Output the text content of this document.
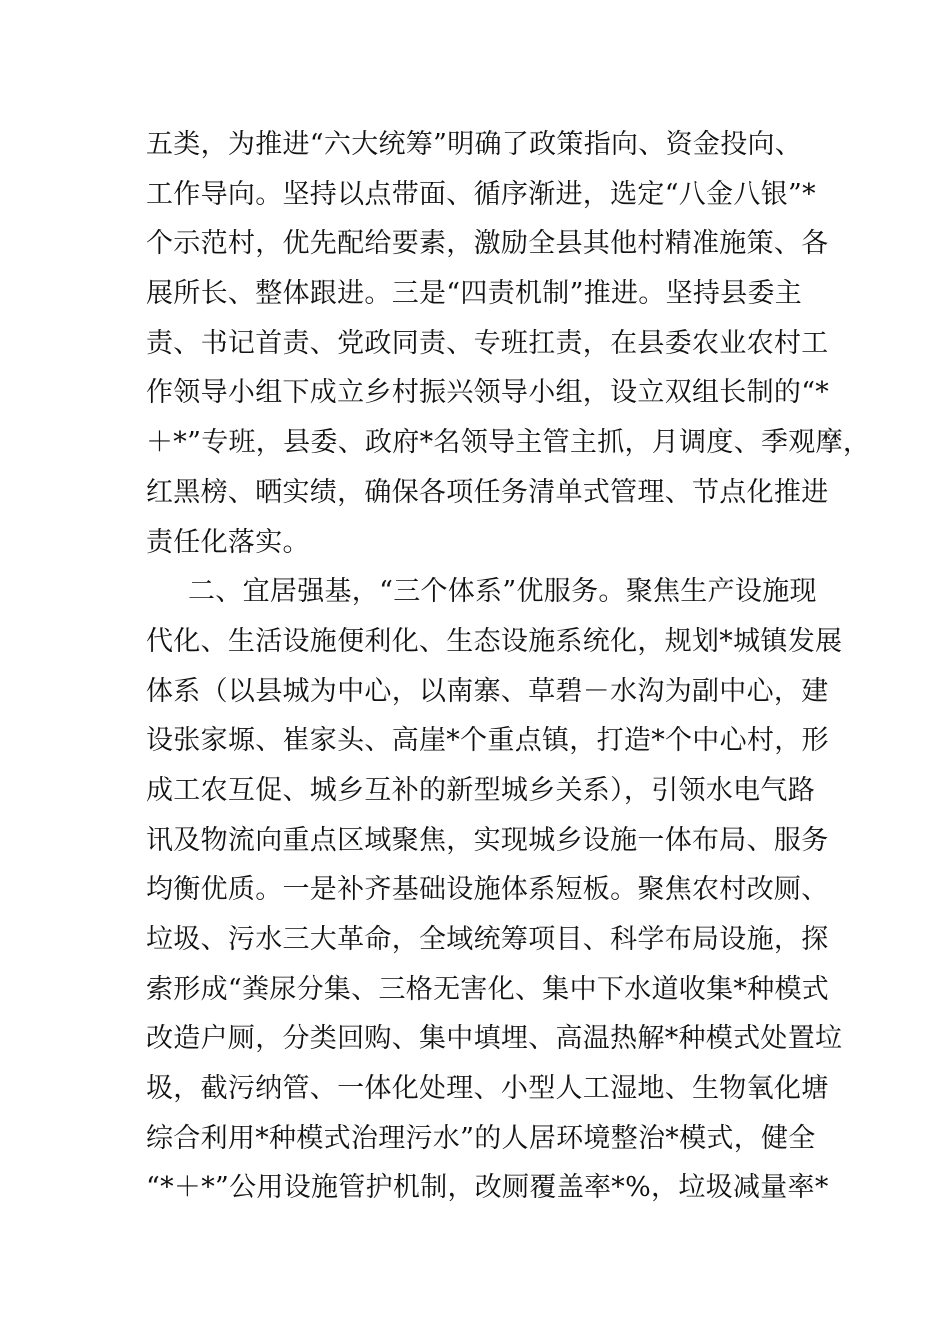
五类，为推进“六大统筹”明确了政策指向、资金投向、
工作导向。坚持以点带面、循序渐进，选定“八金八银”*
个示范村，优先配给要素，激励全县其他村精准施策、各
展所长、整体跟进。三是“四责机制”推进。坚持县委主
责、书记首责、党政同责、专班扛责，在县委农业农村工
作领导小组下成立乡村振兴领导小组，设立双组长制的“*
＋*”专班，县委、政府*名领导主管主抓，月调度、季观摩，
红黑榜、晒实绩，确保各项任务清单式管理、节点化推进
责任化落实。
二、宜居强基，“三个体系”优服务。聚焦生产设施现
代化、生活设施便利化、生态设施系统化，规划*城镇发展
体系（以县城为中心，以南寨、草碧－水沟为副中心，建
设张家塬、崔家头、高崖*个重点镇，打造*个中心村，形
成工农互促、城乡互补的新型城乡关系），引领水电气路
讯及物流向重点区域聚焦，实现城乡设施一体布局、服务
均衡优质。一是补齐基础设施体系短板。聚焦农村改厕、
垃圾、污水三大革命，全域统筹项目、科学布局设施，探
索形成“粪尿分集、三格无害化、集中下水道收集*种模式
改造户厕，分类回购、集中填埋、高温热解*种模式处置垃
圾，截污纳管、一体化处理、小型人工湿地、生物氧化塘
综合利用*种模式治理污水”的人居环境整治*模式，健全
“*＋*”公用设施管护机制，改厕覆盖率*%，垃圾减量率*
